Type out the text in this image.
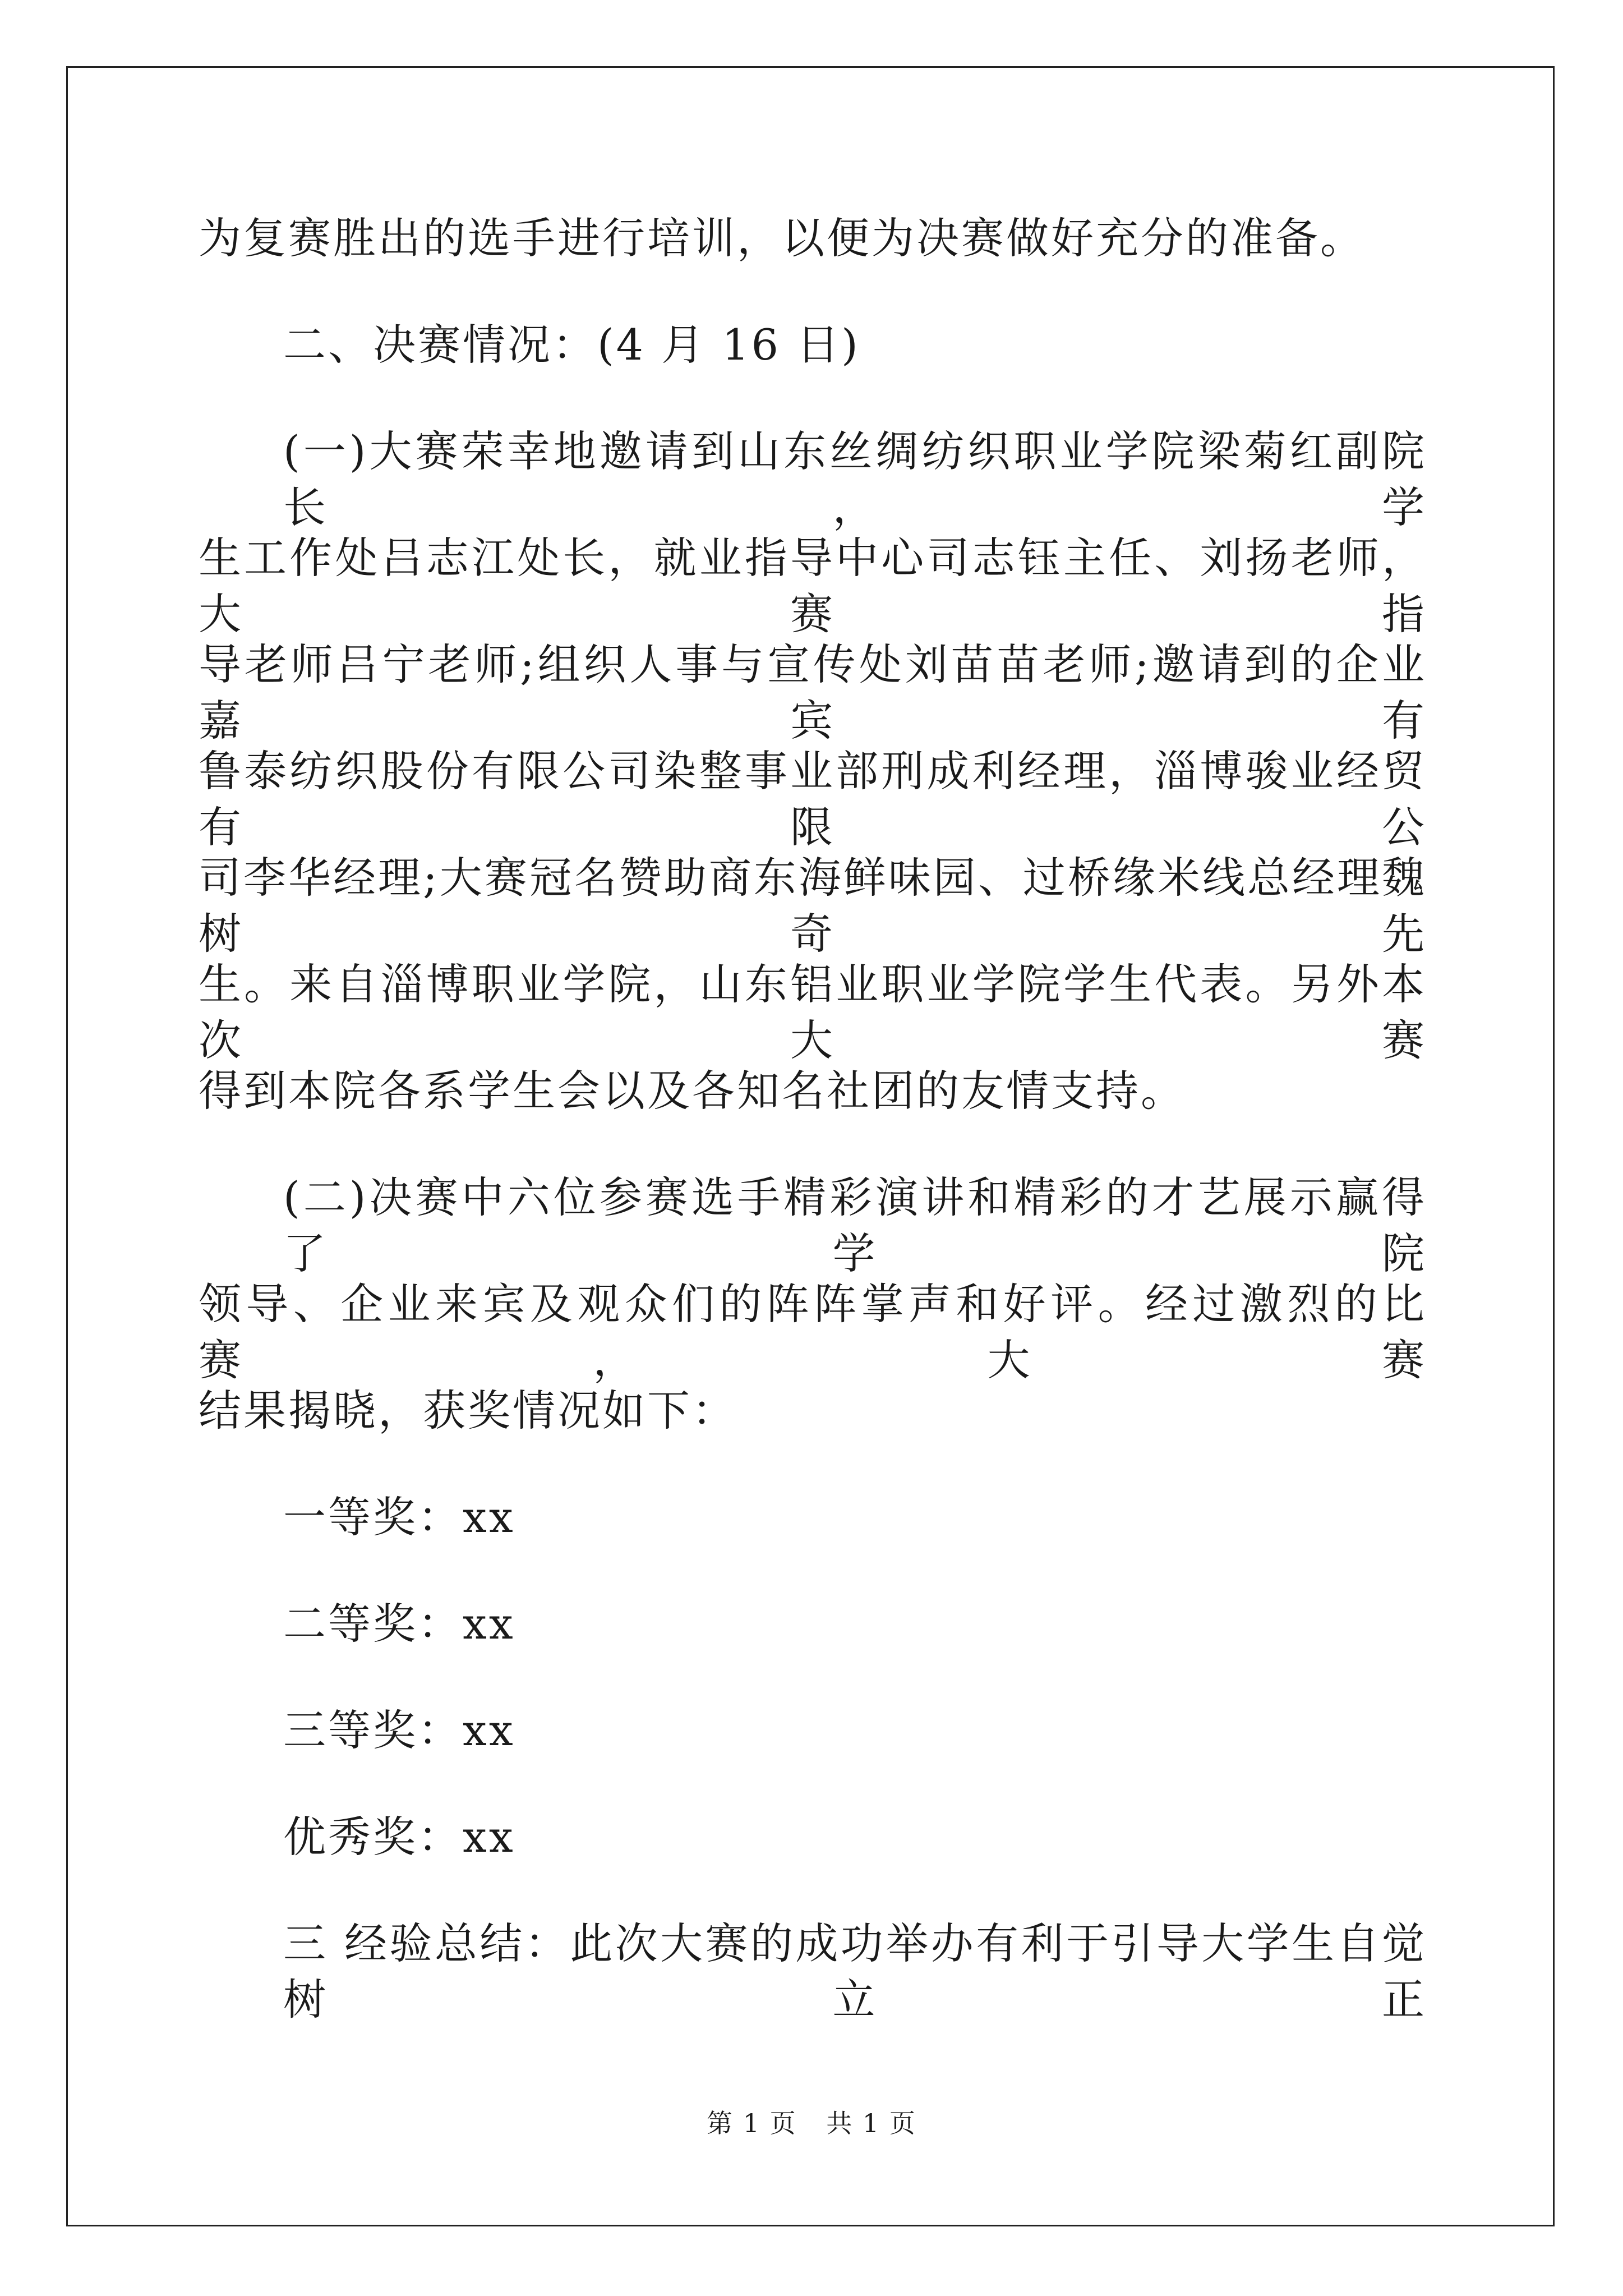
为复赛胜出的选手进行培训，以便为决赛做好充分的准备。
二、决赛情况：(4 月 16 日)
(一)大赛荣幸地邀请到山东丝绸纺织职业学院梁菊红副院长，学
生工作处吕志江处长，就业指导中心司志钰主任、刘扬老师，大赛指
导老师吕宁老师;组织人事与宣传处刘苗苗老师;邀请到的企业嘉宾有
鲁泰纺织股份有限公司染整事业部刑成利经理，淄博骏业经贸有限公
司李华经理;大赛冠名赞助商东海鲜味园、过桥缘米线总经理魏树奇先
生。来自淄博职业学院，山东铝业职业学院学生代表。另外本次大赛
得到本院各系学生会以及各知名社团的友情支持。
(二)决赛中六位参赛选手精彩演讲和精彩的才艺展示赢得了学院
领导、企业来宾及观众们的阵阵掌声和好评。经过激烈的比赛，大赛
结果揭晓，获奖情况如下：
一等奖：xx
二等奖：xx
三等奖：xx
优秀奖：xx
三 经验总结：此次大赛的成功举办有利于引导大学生自觉树立正
第 1 页 共 1 页
